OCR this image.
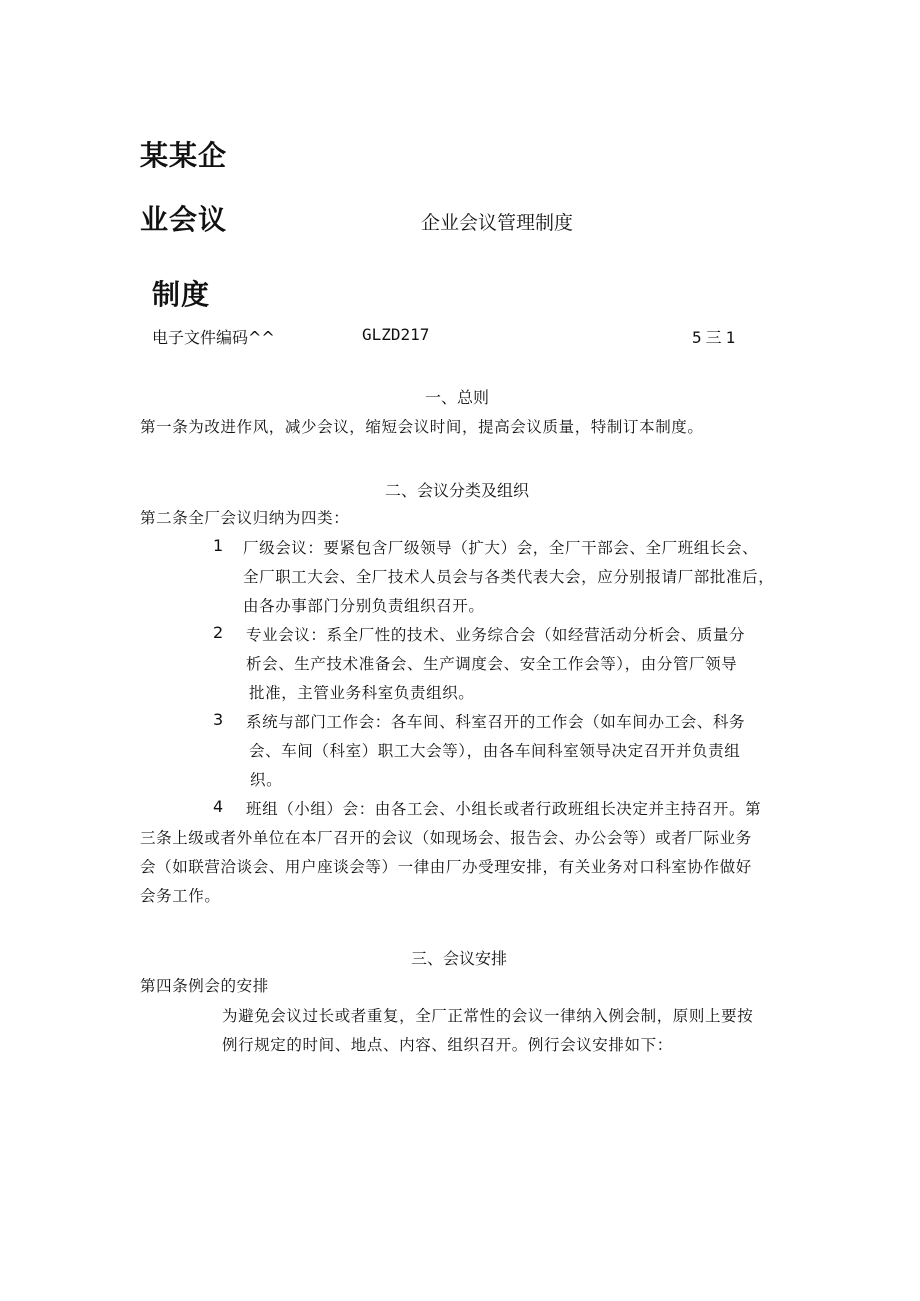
某某企
业会议
制度
企业会议管理制度
电子文件编码^^	GLZD217	5三1
一、总则
第一条为改进作风，减少会议，缩短会议时间，提高会议质量，特制订本制度。
二、会议分类及组织
第二条全厂会议归纳为四类：
1 厂级会议：要紧包含厂级领导（扩大）会，全厂干部会、全厂班组长会、
全厂职工大会、全厂技术人员会与各类代表大会，应分别报请厂部批准后，
由各办事部门分别负责组织召开。
2 专业会议：系全厂性的技术、业务综合会（如经营活动分析会、质量分
析会、生产技术准备会、生产调度会、安全工作会等），由分管厂领导
批准，主管业务科室负责组织。
3 系统与部门工作会：各车间、科室召开的工作会（如车间办工会、科务
会、车间（科室）职工大会等），由各车间科室领导决定召开并负责组
织。
4 班组（小组）会：由各工会、小组长或者行政班组长决定并主持召开。第
三条上级或者外单位在本厂召开的会议（如现场会、报告会、办公会等）或者厂际业务
会（如联营洽谈会、用户座谈会等）一律由厂办受理安排，有关业务对口科室协作做好
会务工作。
三、会议安排
第四条例会的安排
为避免会议过长或者重复，全厂正常性的会议一律纳入例会制，原则上要按
例行规定的时间、地点、内容、组织召开。例行会议安排如下：
